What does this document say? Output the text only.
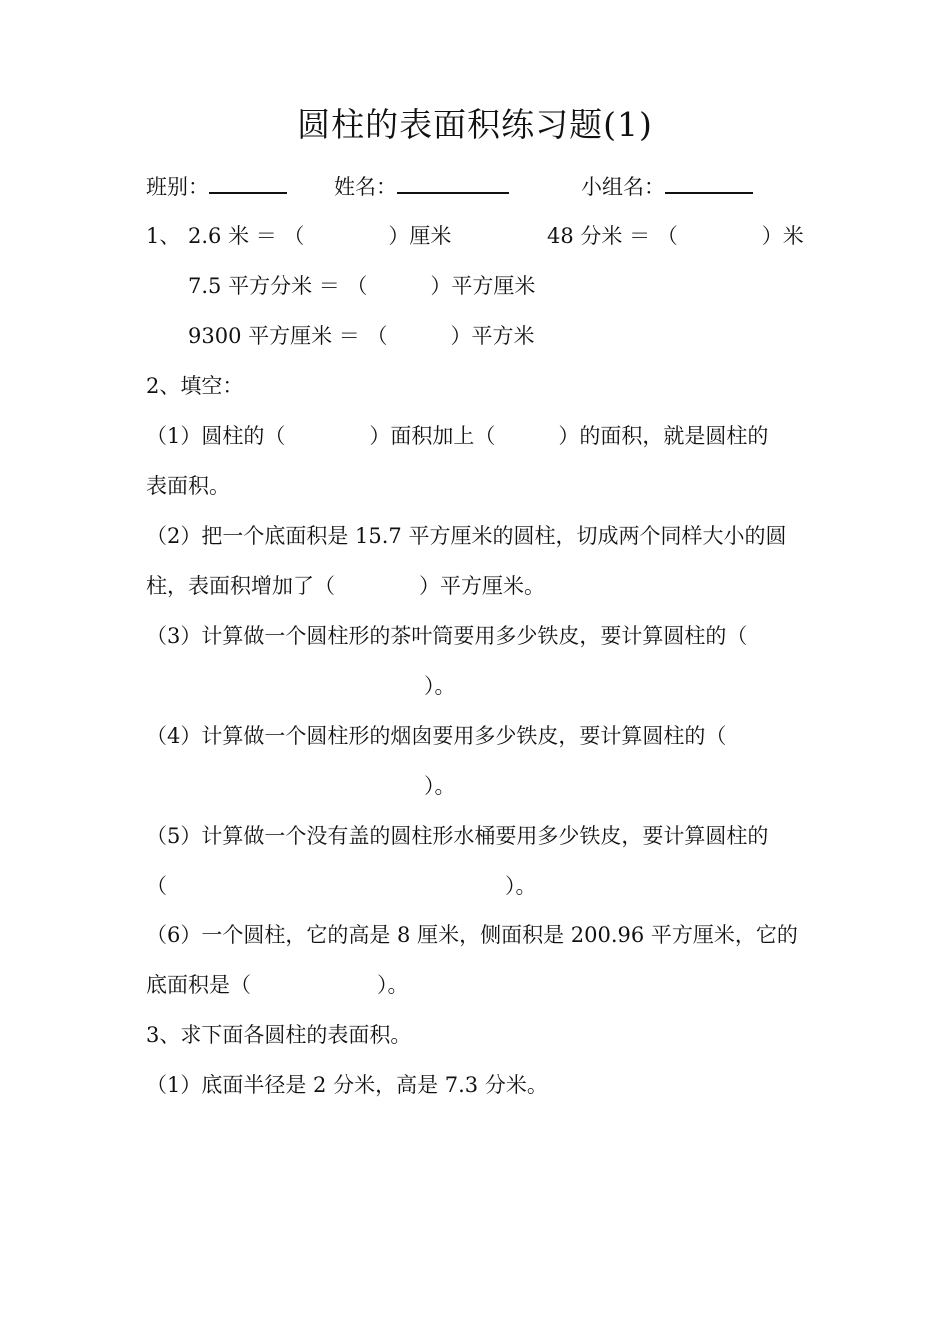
圆柱的表面积练习题(1)
班别：	姓名：	小组名：
1、 2.6 米 ＝ （　　　　）厘米	48 分米 ＝ （　　　　）米
7.5 平方分米 ＝ （　　　）平方厘米
9300 平方厘米 ＝ （　　　）平方米
2、填空：
（1）圆柱的（　　　　）面积加上（　　　）的面积，就是圆柱的
表面积。
（2）把一个底面积是 15.7 平方厘米的圆柱，切成两个同样大小的圆
柱，表面积增加了（　　　　）平方厘米。
（3）计算做一个圆柱形的茶叶筒要用多少铁皮，要计算圆柱的（
）。
（4）计算做一个圆柱形的烟囱要用多少铁皮，要计算圆柱的（
）。
（5）计算做一个没有盖的圆柱形水桶要用多少铁皮，要计算圆柱的
（	）。
（6）一个圆柱，它的高是 8 厘米，侧面积是 200.96 平方厘米，它的
底面积是（　　　　　　）。
3、求下面各圆柱的表面积。
（1）底面半径是 2 分米，高是 7.3 分米。
